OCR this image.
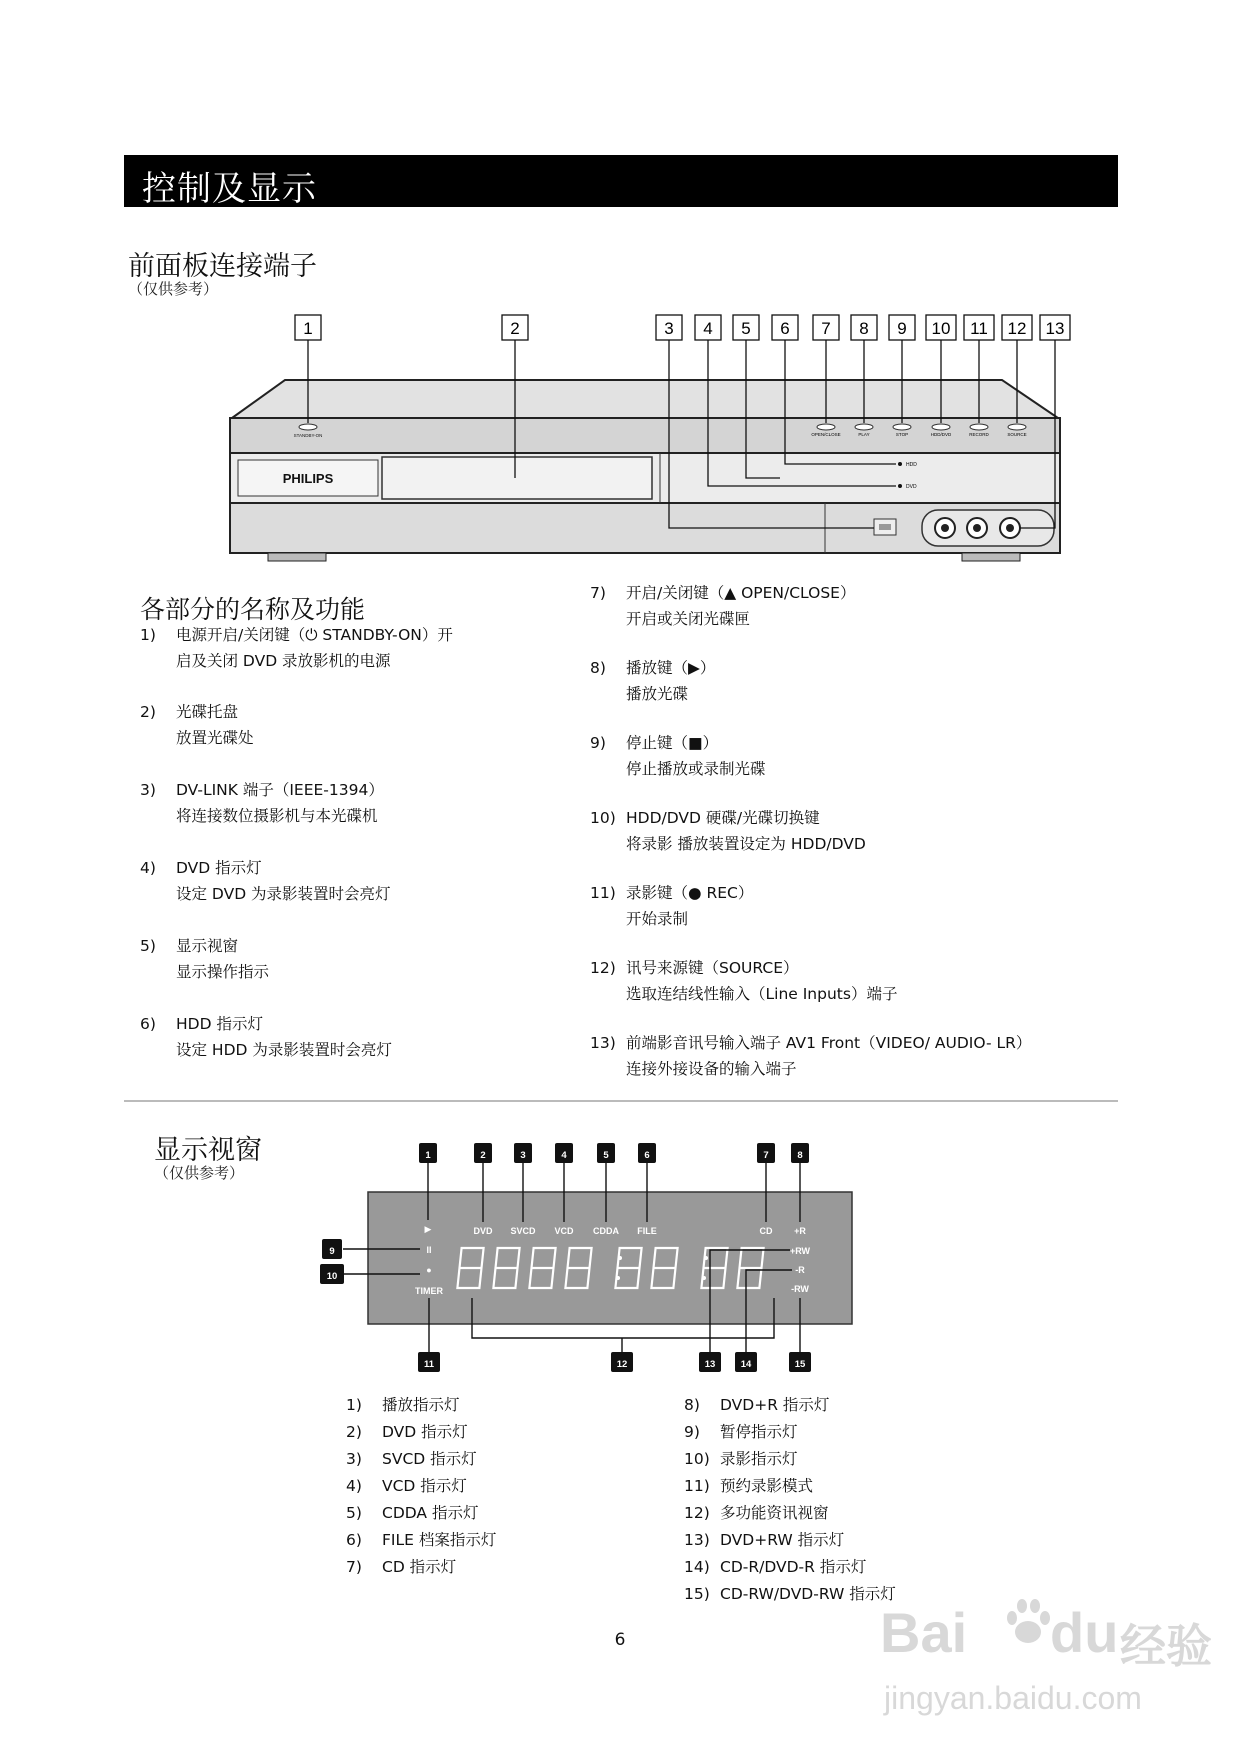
控制及显示
前面板连接端子
（仅供参考）
PHILIPS
STANDBY-ON	OPEN/CLOSE	PLAY	STOP	HDD/DVD	RECORD	SOURCE
HDD
DVD
1	2	3 4 5 6 7 8 9 10 11 12 13
各部分的名称及功能
1) 电源开启/关闭键（⏻ STANDBY-ON）开
启及关闭 DVD 录放影机的电源
2) 光碟托盘
放置光碟处
3) DV-LINK 端子（IEEE-1394）
将连接数位摄影机与本光碟机
4) DVD 指示灯
设定 DVD 为录影装置时会亮灯
5) 显示视窗
显示操作指示
6) HDD 指示灯
设定 HDD 为录影装置时会亮灯
7) 开启/关闭键（▲ OPEN/CLOSE）
开启或关闭光碟匣
8) 播放键（▶）
播放光碟
9) 停止键（■）
停止播放或录制光碟
10) HDD/DVD 硬碟/光碟切换键
将录影 播放装置设定为 HDD/DVD
11) 录影键（● REC）
开始录制
12) 讯号来源键（SOURCE）
选取连结线性输入（Line Inputs）端子
13) 前端影音讯号输入端子 AV1 Front（VIDEO/ AUDIO- LR）
连接外接设备的输入端子
显示视窗
（仅供参考）
▶
II
●
TIMER
DVD SVCD VCD CDDA FILE	CD +R
+RW
-R
-RW
1	2	3	4	5	6	7	8
9
10
11	12	13	14	15
1) 播放指示灯
2) DVD 指示灯
3) SVCD 指示灯
4) VCD 指示灯
5) CDDA 指示灯
6) FILE 档案指示灯
7) CD 指示灯
8) DVD+R 指示灯
9) 暂停指示灯
10) 录影指示灯
11) 预约录影模式
12) 多功能资讯视窗
13) DVD+RW 指示灯
14) CD-R/DVD-R 指示灯
15) CD-RW/DVD-RW 指示灯
6	Bai du 经验
jingyan.baidu.com
